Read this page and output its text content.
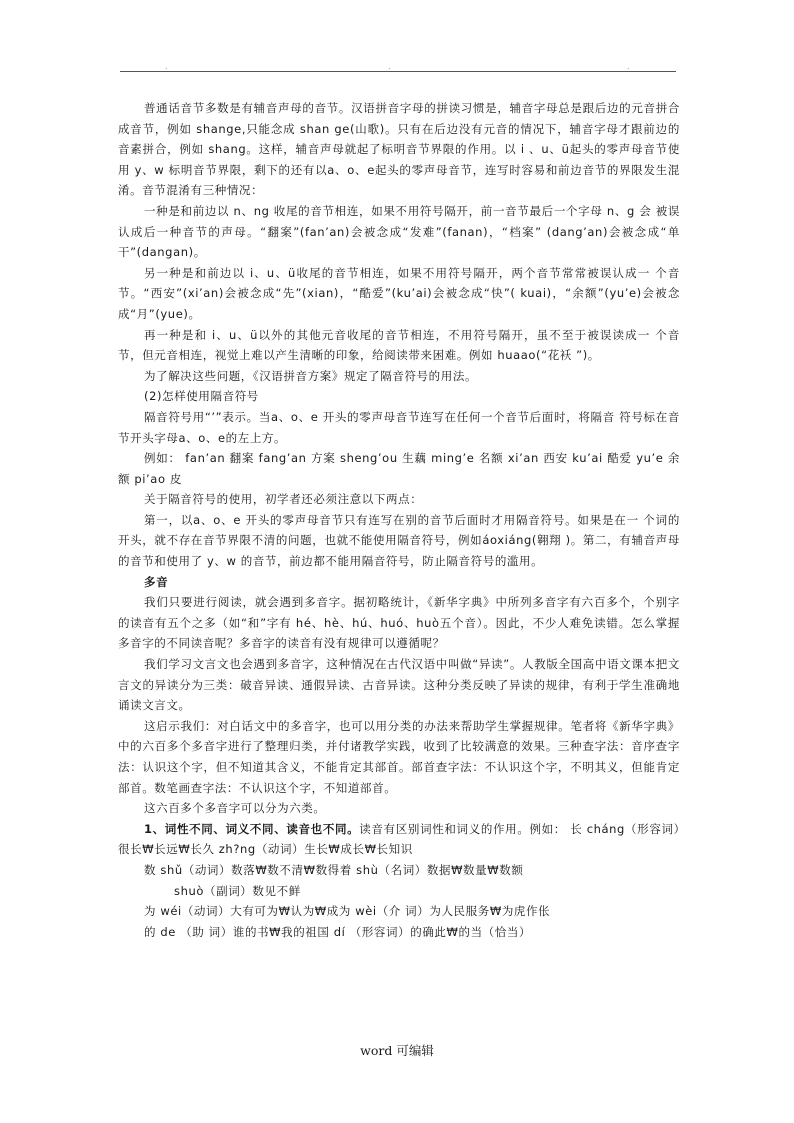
.	.	.

普通话音节多数是有辅音声母的音节。汉语拼音字母的拼读习惯是，辅音字母总是跟后边的元音拼合成音节，例如 shange,只能念成 shan ge(山歌)。只有在后边没有元音的情况下，辅音字母才跟前边的音素拼合，例如 shang。这样，辅音声母就起了标明音节界限的作用。以 i 、u、ü起头的零声母音节使用 y、w 标明音节界限，剩下的还有以a、o、e起头的零声母音节，连写时容易和前边音节的界限发生混淆。音节混淆有三种情况：

一种是和前边以 n、ng 收尾的音节相连，如果不用符号隔开，前一音节最后一个字母 n、g 会 被误认成后一种音节的声母。“翻案”(fan’an)会被念成“发难”(fanan)，“档案” (dang’an)会被念成“单干”(dangan)。

另一种是和前边以 i、u、ü收尾的音节相连，如果不用符号隔开，两个音节常常被误认成一 个音节。“西安”(xi’an)会被念成“先”(xian)，“酷爱”(ku’ai)会被念成“快”( kuai)，“余额”(yu’e)会被念成“月”(yue)。

再一种是和 i、u、ü以外的其他元音收尾的音节相连，不用符号隔开，虽不至于被误读成一 个音节，但元音相连，视觉上难以产生清晰的印象，给阅读带来困难。例如 huaao(“花袄 ”)。

为了解决这些问题，《汉语拼音方案》规定了隔音符号的用法。

(2)怎样使用隔音符号

隔音符号用“’”表示。当a、o、e 开头的零声母音节连写在任何一个音节后面时，将隔音 符号标在音节开头字母a、o、e的左上方。

例如： fan’an 翻案 fang’an 方案 sheng’ou 生藕 ming’e 名额 xi’an 西安 ku’ai 酷爱 yu’e 余额 pi’ao 皮

关于隔音符号的使用，初学者还必须注意以下两点：

第一，以a、o、e 开头的零声母音节只有连写在别的音节后面时才用隔音符号。如果是在一 个词的开头，就不存在音节界限不清的问题，也就不能使用隔音符号，例如áoxiáng(翱翔 )。第二，有辅音声母的音节和使用了 y、w 的音节，前边都不能用隔音符号，防止隔音符号的滥用。

多音

我们只要进行阅读，就会遇到多音字。据初略统计，《新华字典》中所列多音字有六百多个，个别字的读音有五个之多（如“和”字有 hé、hè、hú、huó、huò五个音）。因此，不少人难免读错。怎么掌握多音字的不同读音呢？多音字的读音有没有规律可以遵循呢？

我们学习文言文也会遇到多音字，这种情况在古代汉语中叫做“异读”。人教版全国高中语文课本把文言文的异读分为三类：破音异读、通假异读、古音异读。这种分类反映了异读的规律，有利于学生准确地诵读文言文。

这启示我们：对白话文中的多音字，也可以用分类的办法来帮助学生掌握规律。笔者将《新华字典》中的六百多个多音字进行了整理归类，并付诸教学实践，收到了比较满意的效果。三种查字法：音序查字法：认识这个字，但不知道其含义，不能肯定其部首。部首查字法：不认识这个字，不明其义，但能肯定部首。数笔画查字法：不认识这个字，不知道部首。

这六百多个多音字可以分为六类。

1、词性不同、词义不同、读音也不同。读音有区别词性和词义的作用。例如： 长 cháng（形容词）很长₩长远₩长久 zh?ng（动词）生长₩成长₩长知识

数 shǔ（动词）数落₩数不清₩数得着 shù（名词）数据₩数量₩数额

shuò（副词）数见不鲜

为 wéi（动词）大有可为₩认为₩成为 wèi（介 词）为人民服务₩为虎作伥

的 de （助 词）谁的书₩我的祖国 dí （形容词）的确此₩的当（恰当）

word 可编辑
